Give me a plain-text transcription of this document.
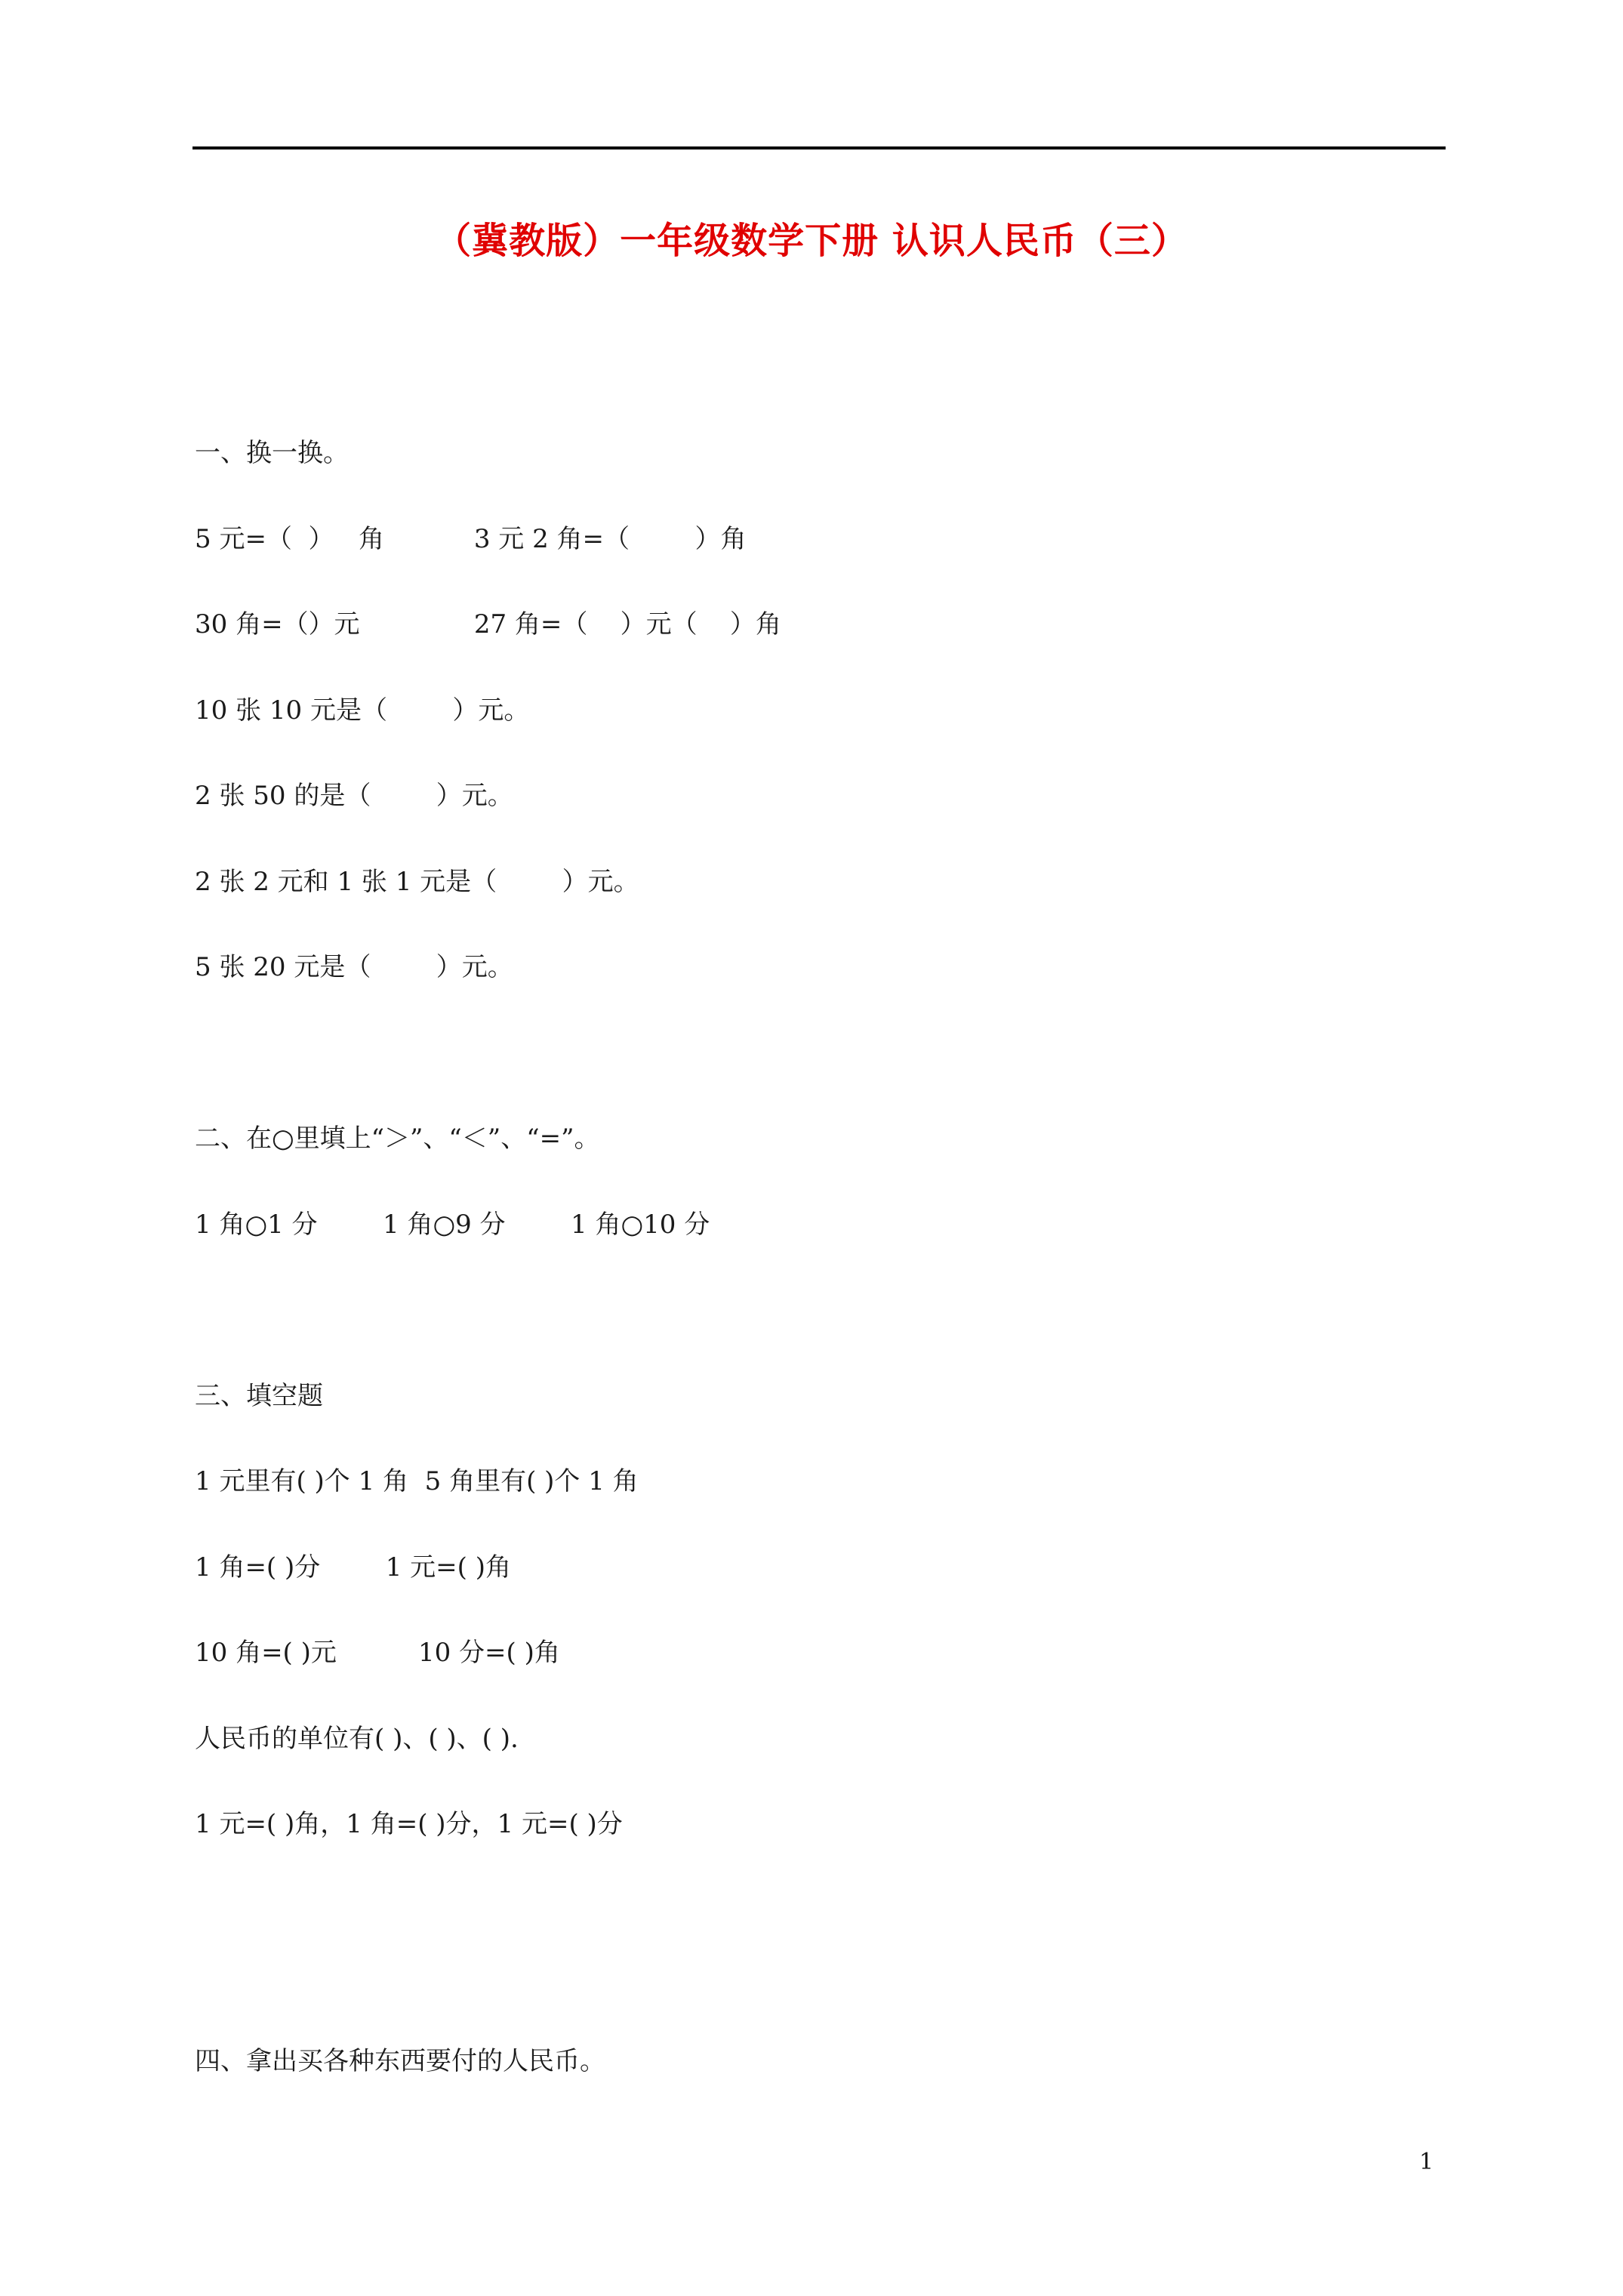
（冀教版）一年级数学下册 认识人民币（三）
一、换一换。
5 元=（  ）   角           3 元 2 角=（        ）角
30 角=（）元              27 角=（    ）元（    ）角
10 张 10 元是（        ）元。
2 张 50 的是（        ）元。
2 张 2 元和 1 张 1 元是（        ）元。
5 张 20 元是（        ）元。
二、在○里填上“＞”、“＜”、“=”。
1 角○1 分        1 角○9 分        1 角○10 分
三、填空题
1 元里有( )个 1 角  5 角里有( )个 1 角
1 角=( )分        1 元=( )角
10 角=( )元          10 分=( )角
人民币的单位有( )、( )、( ).
1 元=( )角，1 角=( )分，1 元=( )分
四、拿出买各种东西要付的人民币。
1
